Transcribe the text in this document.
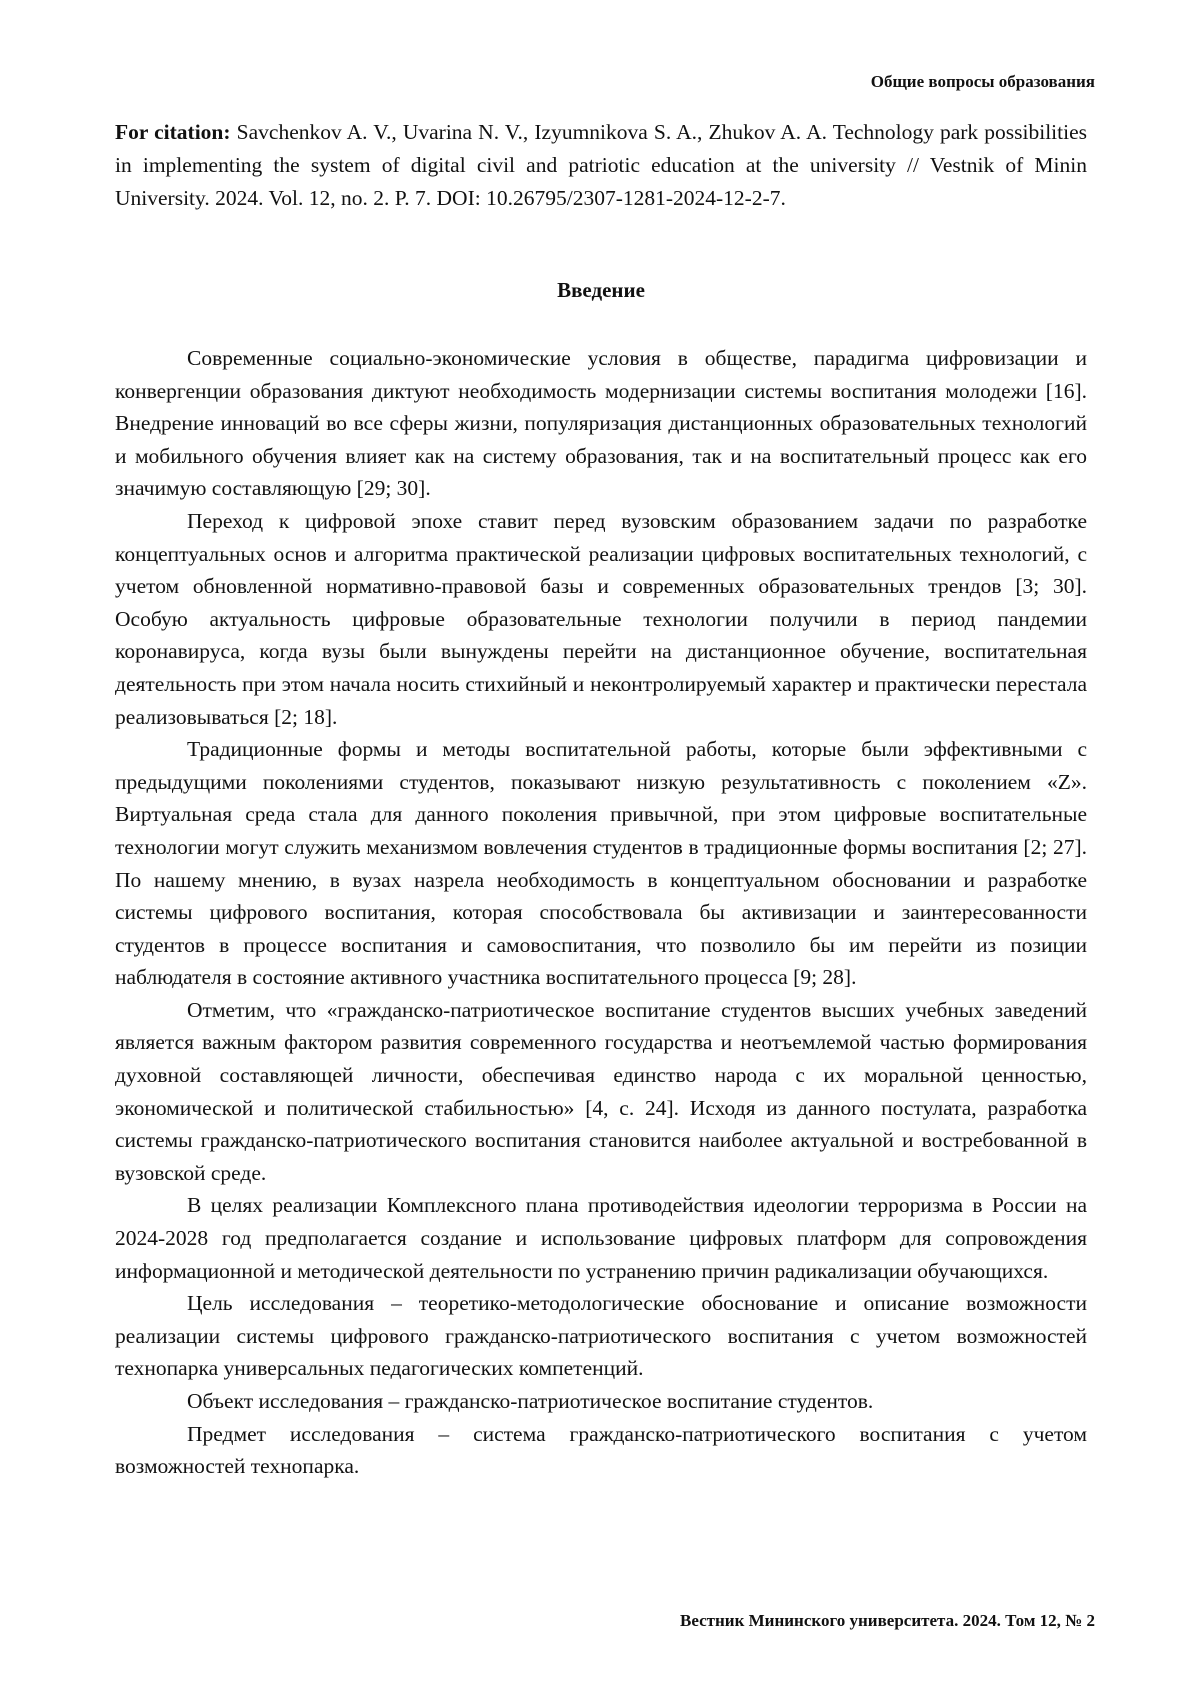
Общие вопросы образования
For citation: Savchenkov A. V., Uvarina N. V., Izyumnikova S. A., Zhukov A. A. Technology park possibilities in implementing the system of digital civil and patriotic education at the university // Vestnik of Minin University. 2024. Vol. 12, no. 2. P. 7. DOI: 10.26795/2307-1281-2024-12-2-7.
Введение

Современные социально-экономические условия в обществе, парадигма цифровизации и конвергенции образования диктуют необходимость модернизации системы воспитания молодежи [16]. Внедрение инноваций во все сферы жизни, популяризация дистанционных образовательных технологий и мобильного обучения влияет как на систему образования, так и на воспитательный процесс как его значимую составляющую [29; 30].

Переход к цифровой эпохе ставит перед вузовским образованием задачи по разработке концептуальных основ и алгоритма практической реализации цифровых воспитательных технологий, с учетом обновленной нормативно-правовой базы и современных образовательных трендов [3; 30]. Особую актуальность цифровые образовательные технологии получили в период пандемии коронавируса, когда вузы были вынуждены перейти на дистанционное обучение, воспитательная деятельность при этом начала носить стихийный и неконтролируемый характер и практически перестала реализовываться [2; 18].

Традиционные формы и методы воспитательной работы, которые были эффективными с предыдущими поколениями студентов, показывают низкую результативность с поколением «Z». Виртуальная среда стала для данного поколения привычной, при этом цифровые воспитательные технологии могут служить механизмом вовлечения студентов в традиционные формы воспитания [2; 27]. По нашему мнению, в вузах назрела необходимость в концептуальном обосновании и разработке системы цифрового воспитания, которая способствовала бы активизации и заинтересованности студентов в процессе воспитания и самовоспитания, что позволило бы им перейти из позиции наблюдателя в состояние активного участника воспитательного процесса [9; 28].

Отметим, что «гражданско-патриотическое воспитание студентов высших учебных заведений является важным фактором развития современного государства и неотъемлемой частью формирования духовной составляющей личности, обеспечивая единство народа с их моральной ценностью, экономической и политической стабильностью» [4, с. 24]. Исходя из данного постулата, разработка системы гражданско-патриотического воспитания становится наиболее актуальной и востребованной в вузовской среде.

В целях реализации Комплексного плана противодействия идеологии терроризма в России на 2024-2028 год предполагается создание и использование цифровых платформ для сопровождения информационной и методической деятельности по устранению причин радикализации обучающихся.

Цель исследования – теоретико-методологические обоснование и описание возможности реализации системы цифрового гражданско-патриотического воспитания с учетом возможностей технопарка универсальных педагогических компетенций.

Объект исследования – гражданско-патриотическое воспитание студентов.

Предмет исследования – система гражданско-патриотического воспитания с учетом возможностей технопарка.

Вестник Мининского университета. 2024. Том 12, № 2
